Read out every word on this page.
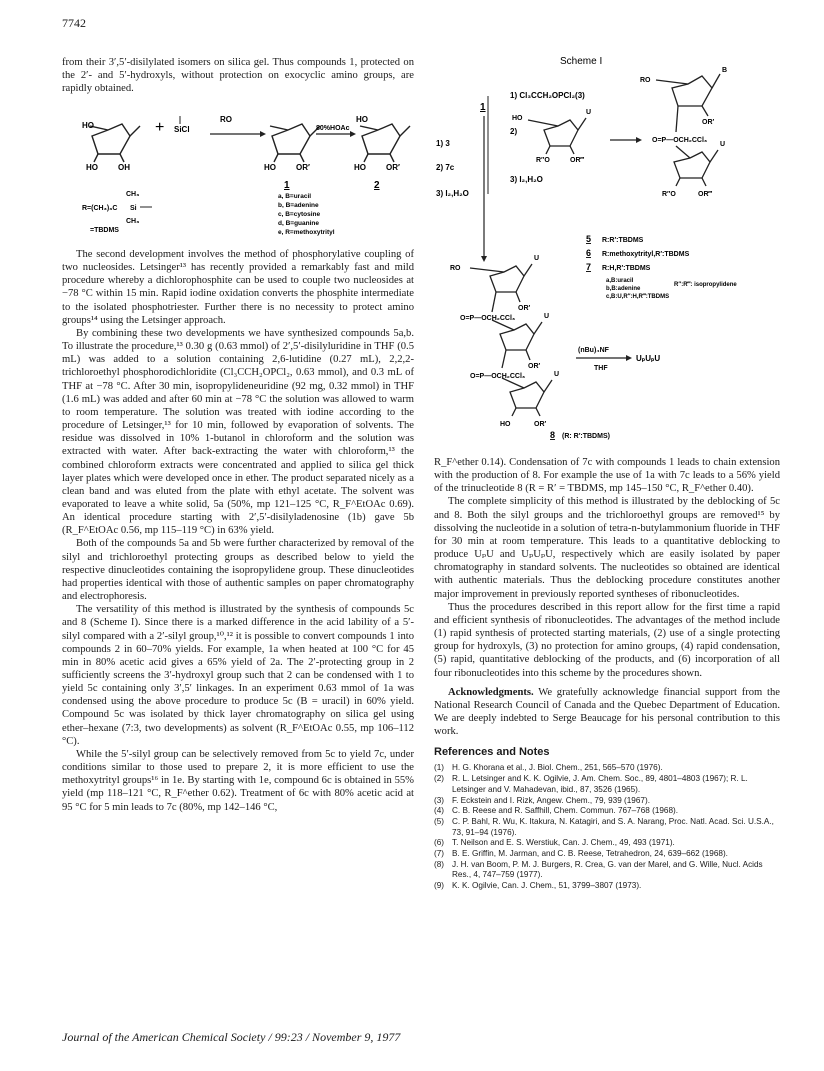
7742
HO
HO	OH
+ SiCl
RO
HO	OR′
1
80%HOAc
HO
HO	OR′
2
R=(CH₃)₃C Si
CH₃
CH₃
=TBDMS
a, B=uracil
b, B=adenine
c, B=cytosine
d, B=guanine
e, R=methoxytrityl
Scheme I
1
1) 3
2) 7c
3) I₂,H₂O
1) Cl₃CCH₂OPCl₂(3)
2)
3) I₂,H₂O
HO
U
R″O	OR‴
RO
B
OR′
O=P—OCH₂CCl₃
U
R″O	OR‴
5 R:R′:TBDMS
6 R:methoxytrityl,R′:TBDMS
7 R:H,R′:TBDMS
a,B:uracil
b,B:adenine
c,B:U,R″:H,R‴:TBDMS
R″:R‴: isopropylidene
RO
U
OR′
O=P—OCH₂CCl₃	U
OR′
O=P—OCH₂CCl₃	U
HO	OR′
(nBu)₄NF
THF
UₚUₚU
8 (R: R′:TBDMS)

from their 3′,5′-disilylated isomers on silica gel. Thus compounds 1, protected on the 2′- and 5′-hydroxyls, without protection on exocyclic amino groups, are rapidly obtained.

The second development involves the method of phosphorylative coupling of two nucleosides. Letsinger¹³ has recently provided a remarkably fast and mild procedure whereby a dichlorophosphite can be used to couple two nucleosides at −78 °C within 15 min. Rapid iodine oxidation converts the phosphite intermediate to the isolated phosphotriester. Further there is no necessity to protect amino groups¹⁴ using the Letsinger approach.

By combining these two developments we have synthesized compounds 5a,b. To illustrate the procedure,¹³ 0.30 g (0.63 mmol) of 2′,5′-disilyluridine in THF (0.5 mL) was added to a solution containing 2,6-lutidine (0.27 mL), 2,2,2-trichloroethyl phosphorodichloridite (Cl₃CCH₂OPCl₂, 0.63 mmol), and 0.3 mL of THF at −78 °C. After 30 min, isopropylideneuridine (92 mg, 0.32 mmol) in THF (1.6 mL) was added and after 60 min at −78 °C the solution was allowed to warm to room temperature. The solution was treated with iodine according to the procedure of Letsinger,¹³ for 10 min, followed by evaporation of solvents. The residue was dissolved in 10% 1-butanol in chloroform and the solution was extracted with water. After back-extracting the water with chloroform,¹³ the combined chloroform extracts were concentrated and applied to silica gel thick layer plates which were developed once in ether. The product separated nicely as a clean band and was eluted from the plate with ethyl acetate. The solvent was evaporated to leave a white solid, 5a (50%, mp 121–125 °C, R_F^EtOAc 0.69). An identical procedure starting with 2′,5′-disilyladenosine (1b) gave 5b (R_F^EtOAc 0.56, mp 115–119 °C) in 63% yield.

Both of the compounds 5a and 5b were further characterized by removal of the silyl and trichloroethyl protecting groups as described below to yield the respective dinucleotides containing the isopropylidene group. These dinucleotides had properties identical with those of authentic samples on paper chromatography and electrophoresis.

The versatility of this method is illustrated by the synthesis of compounds 5c and 8 (Scheme I). Since there is a marked difference in the acid lability of a 5′-silyl compared with a 2′-silyl group,¹⁰,¹² it is possible to convert compounds 1 into compounds 2 in 60–70% yields. For example, 1a when heated at 100 °C for 45 min in 80% acetic acid gives a 65% yield of 2a. The 2′-protecting group in 2 sufficiently screens the 3′-hydroxyl group such that 2 can be condensed with 1 to yield 5c containing only 3′,5′ linkages. In an experiment 0.63 mmol of 1a was condensed using the above procedure to produce 5c (B = uracil) in 60% yield. Compound 5c was isolated by thick layer chromatography on silica gel using ether–hexane (7:3, two developments) as solvent (R_F^EtOAc 0.55, mp 106–112 °C).

While the 5′-silyl group can be selectively removed from 5c to yield 7c, under conditions similar to those used to prepare 2, it is more efficient to use the methoxytrityl groups¹⁶ in 1e. By starting with 1e, compound 6c is obtained in 55% yield (mp 118–121 °C, R_F^ether 0.62). Treatment of 6c with 80% acetic acid at 95 °C for 5 min leads to 7c (80%, mp 142–146 °C,

R_F^ether 0.14). Condensation of 7c with compounds 1 leads to chain extension with the production of 8. For example the use of 1a with 7c leads to a 56% yield of the trinucleotide 8 (R = R′ = TBDMS, mp 145–150 °C, R_F^ether 0.40).

The complete simplicity of this method is illustrated by the deblocking of 5c and 8. Both the silyl groups and the trichloroethyl groups are removed¹⁵ by dissolving the nucleotide in a solution of tetra-n-butylammonium fluoride in THF for 30 min at room temperature. This leads to a quantitative deblocking to produce UₚU and UₚUₚU, respectively which are easily isolated by paper chromatography in standard solvents. The nucleotides so obtained are identical with authentic materials. Thus the deblocking procedure constitutes another major improvement in previously reported syntheses of ribonucleotides.

Thus the procedures described in this report allow for the first time a rapid and efficient synthesis of ribonucleotides. The advantages of the method include (1) rapid synthesis of protected starting materials, (2) use of a single protecting group for hydroxyls, (3) no protection for amino groups, (4) rapid condensation, (5) rapid, quantitative deblocking of the products, and (6) incorporation of all four ribonucleotides into this scheme by the procedures shown.

Acknowledgments. We gratefully acknowledge financial support from the National Research Council of Canada and the Quebec Department of Education. We are deeply indebted to Serge Beaucage for his personal contribution to this work.

References and Notes
(1) H. G. Khorana et al., J. Biol. Chem., 251, 565–570 (1976).
(2) R. L. Letsinger and K. K. Ogilvie, J. Am. Chem. Soc., 89, 4801–4803 (1967); R. L. Letsinger and V. Mahadevan, ibid., 87, 3526 (1965).
(3) F. Eckstein and I. Rizk, Angew. Chem., 79, 939 (1967).
(4) C. B. Reese and R. Saffhill, Chem. Commun. 767–768 (1968).
(5) C. P. Bahl, R. Wu, K. Itakura, N. Katagiri, and S. A. Narang, Proc. Natl. Acad. Sci. U.S.A., 73, 91–94 (1976).
(6) T. Neilson and E. S. Werstiuk, Can. J. Chem., 49, 493 (1971).
(7) B. E. Griffin, M. Jarman, and C. B. Reese, Tetrahedron, 24, 639–662 (1968).
(8) J. H. van Boom, P. M. J. Burgers, R. Crea, G. van der Marel, and G. Wille, Nucl. Acids Res., 4, 747–759 (1977).
(9) K. K. Ogilvie, Can. J. Chem., 51, 3799–3807 (1973).
Journal of the American Chemical Society / 99:23 / November 9, 1977
